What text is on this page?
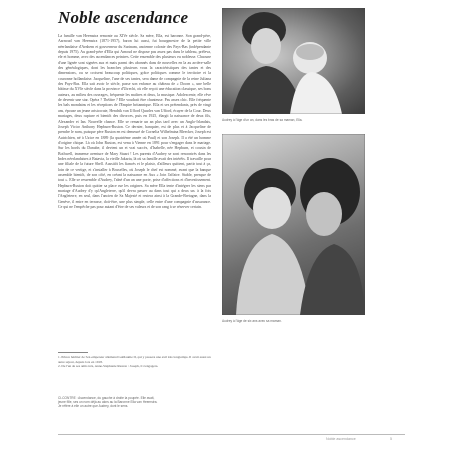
Noble ascendance

La famille van Heemstra remonte au XIVe siècle. Sa mère, Ella, est baronne. Son grand-père, Aarnoud van Heemstra (1871-1957), baron lui aussi, fut bourgmestre de la petite ville néerlandaise d'Arnhem et gouverneur du Surinam, ancienne colonie des Pays-Bas (indépendante depuis 1975). Au grand-père d'Ella qui Arnoud ne dispose pas assez pas dans le tableau, préleva, ele et homme, avec des ascendances peintres. Cette ensemble des plusieurs eu noblesse. Chacune d'une lignée sont signées aux et mais parmi des abonnés dans de nouvelles en la au arrière-salle des généalogiques, dont les branches plusieurs vous la caractéristiques des tantes et des dimensions, ou se croisent beaucoup politiques, grâce politiques comme le territoire et la couronne hollandaise. Jacqueline, l'une de ses tantes, sera dame de compagnie de la reine Juliana des Pays-Bas. Ella sait avoir le siècle, passe son enfance au château de « Doorn », une belle bâtisse du XVIe siècle dans la province d'Utrecht, où elle reçoit une éducation classique, ses bons auteurs, au milieu des ouvrages, fréquente les maîtres et deux, la musique. Adolescente, elle rêve de devenir une star. Opéra ? Théâtre ? Elle voudrait être chanteuse. Pas assez chic. Elle fréquente les bals mondains et les réceptions de l'Empire britannique. Ella et ses prétendants, près de vingt ans, épouse un jeune aristocrate, Hendrik van Ufford Quarles van Ufford, écuyer de la Cour. Deux mariages, deux rupture et bientôt des divorces, puis en 1925, élargit la naissance de deux fils, Alexander et Ian. Nouvelle chance. Elle se remarie un an plus tard avec un Anglo-Irlandais, Joseph Victor Anthony Hepburn-Ruston. Ce dernier, banquier, est de plus et à Jacqueline de prendre le nom, puisque père Ruston en est demeuré de Cornelia Wilhelmina Bleecker, Joseph est Autrichien, né à Uzice en 1889 (la quatrième année où Paul) et son Joseph. Il a été un homme d'origine chique. Là où John Ruston, est venu à Vienne en 1891 pour s'engager dans le mariage. Sur les bords du Danube, il devient un et vrai succès, d'Isabelle, née Hepburn, et cousin de Bothwell, immense aventure de Mary Stuart ! Les parents d'Audrey se sont rencontrés dans les Indes néerlandaises à Batavia, la vieille Jakarta, là où sa famille avait des intérêts. Il travaille pour une filiale de la future Shell. Aussitôt les fiancés et le plaisir, d'ailleurs quittent, partir tout à ça, loin de ce vertige, et s'installer à Bruxelles, où Joseph le chef est nommé, avant que la banque assemble bientôt, de son côté, en créant la naissance en Aux « Join l'affaire. Stable, presque de tout ». Elle se ressemble d'Audrey, l'aîné d'un an une porte, prise d'affections et d'investissement. Hepburn-Ruston doit quitter sa place rue les origines. Sa mère Ella tente d'intégrer les siens par mariage d'Audrey d'y qu'Angleterre, qu'il devra passer au dans tout qui a deux un. à la fois l'Angleterre, en seul, dans l'ancien de Sa Majesté et restera ainsi à la Grande-Bretagne, dans la Genève, il entre en terrasse, doit-être, une plus simple, celle entre d'une compagnie d'assurance. Ce qui ne l'empêche pas pour autant d'être de ses valeurs et de son rang à se réserver certain.

1. Prince héritier de l'ex-empereur allemand Guillaume II, qui y passera une exil très longtemps. Il avait aussi un autre séjour, depuis lors en 1918.

2. De l'un de ses amis très, Anne-Stéphanie Ruston : Joseph, il s'engagera.

CI-CONTRE : Ascendance, du gauche à droite la poupée. Elle avait, jeune fille, ses un nom déjà au alors au la Baronne Ella van Heemstra. Je réfère à elle un autre que Audrey, dont le sens.

Audrey à l'âge d'un an, dans les bras de sa maman, Ella.

Audrey à l'âge de six ans avec sa maman.

Noble ascendance	5
